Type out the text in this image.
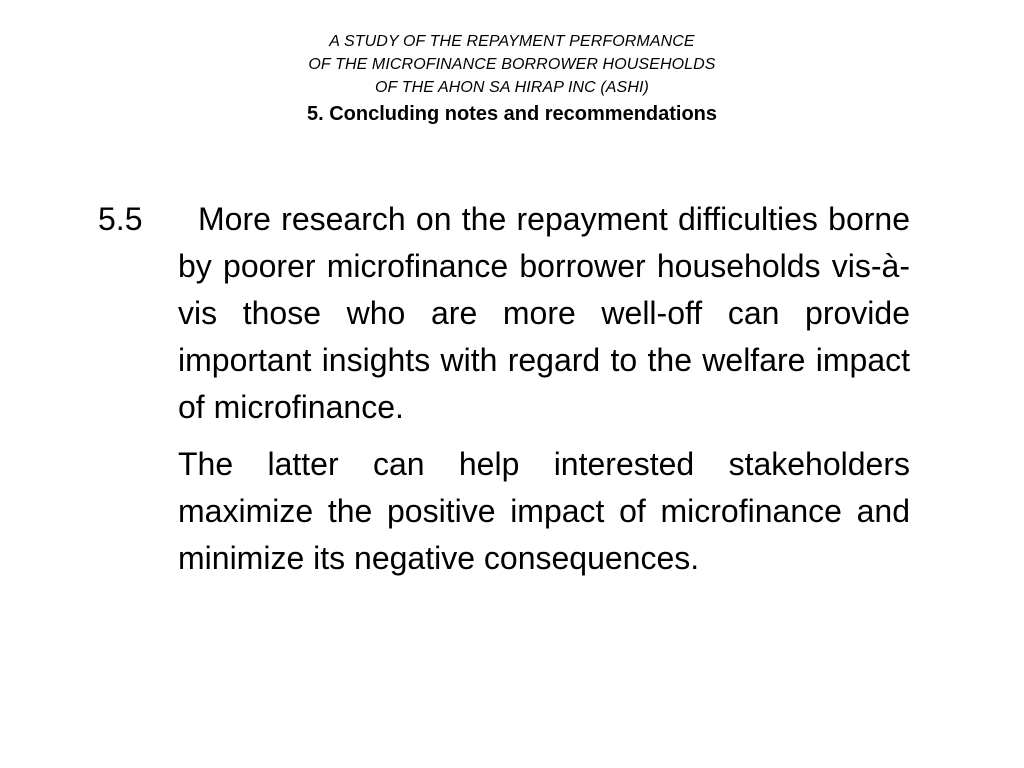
A STUDY OF THE REPAYMENT PERFORMANCE
OF THE MICROFINANCE BORROWER HOUSEHOLDS
OF THE AHON SA HIRAP INC (ASHI)
5. Concluding notes and recommendations
5.5	More research on the repayment difficulties borne by poorer microfinance borrower households vis-à-vis those who are more well-off can provide important insights with regard to the welfare impact of microfinance.

The latter can help interested stakeholders maximize the positive impact of microfinance and minimize its negative consequences.
